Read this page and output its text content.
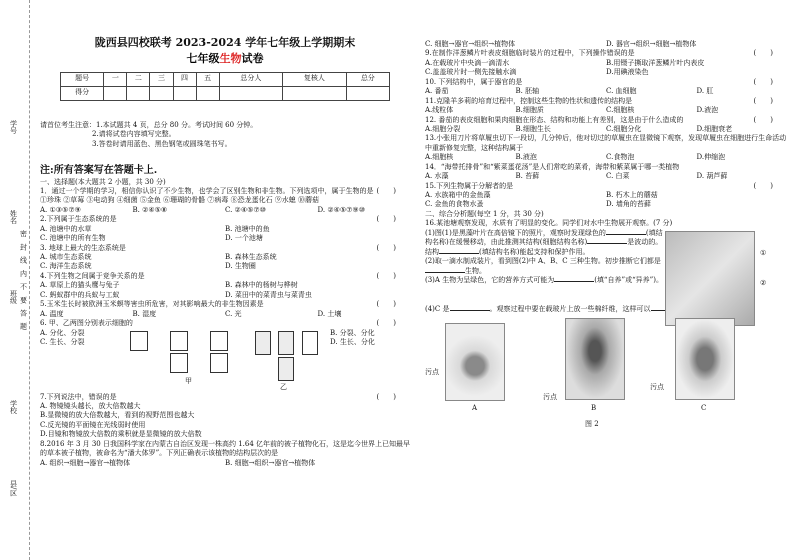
学号
姓名
密 封 线 内 不 要 答 题
班级
学校
县/区
陇西县四校联考 2023-2024 学年七年级上学期期末
七年级生物试卷
题号	一	二	三	四	五	总分人	复核人	总分
得分								

请首位考生注意：1.本试题共 4 页，总分 80 分。考试时间 60 分钟。

2.请将试卷内容填写完整。

3.答卷时请用蓝色、黑色钢笔或圆珠笔书写。

注:所有答案写在答题卡上.
一、选择题(本大题共 2 小题，共 30 分)
(　　)
1．通过一个学期的学习，相信你认识了不少生物，也学会了区别生物和非生物。下列选项中，属于生物的是
①珍珠 ②草莓 ③电动狗 ④细菌 ⑤金鱼 ⑥珊瑚的骨骼 ⑦病毒 ⑧恐龙蛋化石 ⑨水螅 ⑩蘑菇
A. ①③⑤⑦⑨	B. ②④⑤⑧	C. ②④⑤⑦⑩	D. ②④⑤⑦⑨⑩
(　　)
2.下列属于生态系统的是
A. 池塘中的水草	B. 池塘中的鱼
C. 池塘中的所有生物	D. 一个池塘
(　　)
3. 地球上最大的生态系统是
A. 城市生态系统	B. 森林生态系统
C. 海洋生态系统	D. 生物圈
(　　)
4.下列生物之间属于竞争关系的是
A. 草原上的猫头鹰与兔子	B. 森林中的杨树与桦树
C. 蚂蚁群中的兵蚁与工蚁	D. 菜田中的菜青虫与菜青虫
(　　)
5.玉米生长时被欧洲玉米螟等害虫所危害，对其影响最大的非生物因素是
A. 温度	B. 湿度	C. 光	D. 土壤
(　　)
6. 甲、乙两图分别表示细胞的
A. 分化、分裂
C. 生长、分裂
甲
乙
B. 分裂、分化
D. 生长、分化
(　　)
7.下列说法中，错误的是
A. 物镜镜头越长，放大倍数越大
B.显微镜的放大倍数越大，看到的视野范围也越大
C.反光镜的平面镜在光线弱时使用
D.目镜和物镜放大倍数的乘积就是显微镜的放大倍数
8.2016 年 3 月 30 日我国科学家在内蒙古自治区发现一株高约 1.64 亿年前的被子植物化石，这是迄今世界上已知最早的草本被子植物，被命名为“潘大体罗”。下列正确表示该植物的结构层次的是
A. 组织→细胞→器官→植物体	B. 细胞→组织→器官→植物体
C. 细胞→器官→组织→植物体	D. 器官→组织→细胞→植物体
(　　)
9.在制作洋葱鳞片叶表皮细胞临时装片的过程中，下列操作错误的是
A.在载玻片中央滴一滴清水	B.用镊子撕取洋葱鳞片叶内表皮
C.盖盖玻片时一侧先接触水滴	D.用碘液染色
(　　)
10. 下列结构中，属于器官的是
A. 番茄	B. 胚轴	C. 血细胞	D. 肛
(　　)
11.克隆羊多莉的培育过程中，控制这些生物的性状和遗传的结构是
A.线粒体	B.细胞质	C.细胞核	D.液泡
(　　)
12. 番茄的表皮细胞和果肉细胞在形态、结构和功能上有差别，这是由于什么造成的
A.细胞分裂	B.细胞生长	C.细胞分化	D.细胞衰老
13.小张用刀片将草履虫切下一段切，几分钟后，他对切过的草履虫在显微镜下观察，发现草履虫在细胞进行生命活动中重新修复完整，这种结构属于
A.细胞核	B.液泡	C.食物泡	D.伸缩泡
14．“海带托排骨”和“紫菜蛋花汤”是人们常吃的菜肴，海带和紫菜属于哪一类植物
A. 水藻	B. 苔藓	C. 白菜	D. 葫芦藓
(　　)
15.下列生物属于分解者的是
A. 水族箱中的金鱼藻	B. 朽木上的蘑菇
C. 金鱼的食物水蚤	D. 墙角的苔藓
二、综合分析题(每空 1 分，共 30 分)
16.某池塘观察发现，水质有了明显的变化。同学们对水中生物展开观察。(7 分)
(1)图(1)是黑藻叶片在高倍镜下的照片，观察时发现绿色的	(填结构名称)在缓慢移动，由此推测其结构(细胞结构名称)	是波动的。结构	(填结构名称)能起支持和保护作用。
(2)取一滴水制成装片，看到图(2)中 A、B、C 三种生物。初步推断它们都是生物。
(3)A 生物为呈绿色，它的营养方式可能为	(填“自养”或“异养”)。
①
②
(4)C 是	。观察过程中要在载玻片上放一些棉纤维，这样可以
污点
A
污点
B
污点
C
图 2
